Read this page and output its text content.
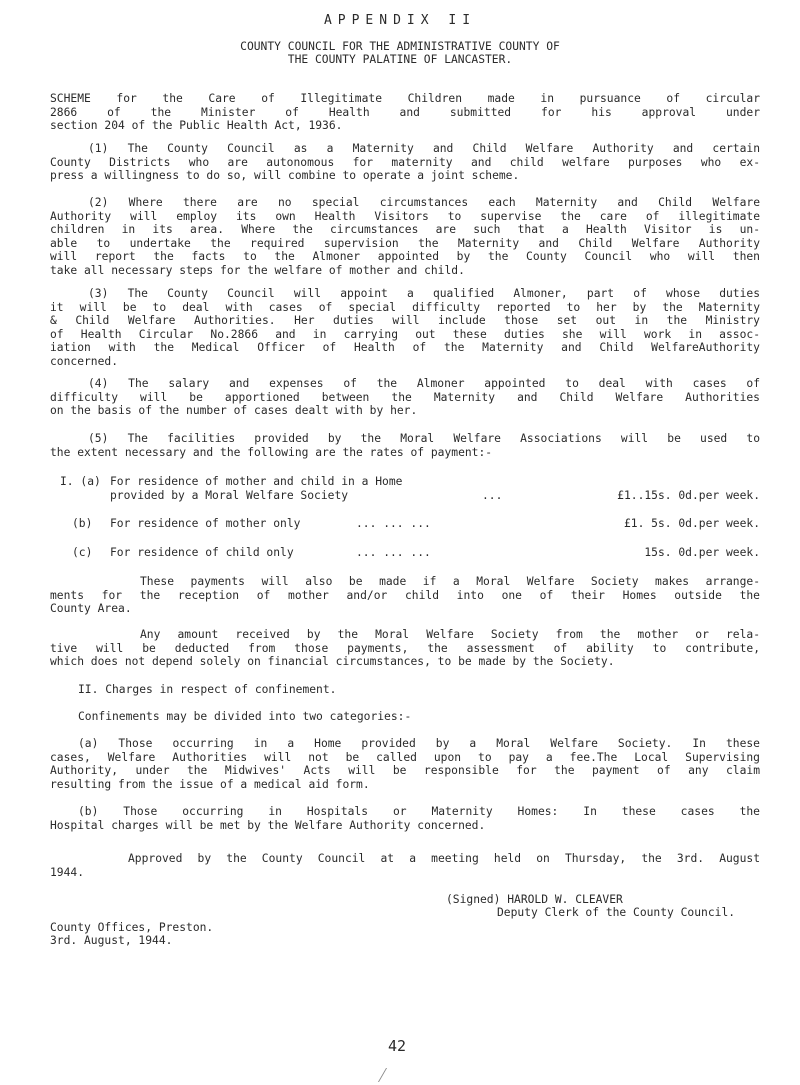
APPENDIX II
COUNTY COUNCIL FOR THE ADMINISTRATIVE COUNTY OF
THE COUNTY PALATINE OF LANCASTER.

SCHEME for the Care of Illegitimate Children made in pursuance of circular

2866 of the Minister of Health and submitted for his approval under

section 204 of the Public Health Act, 1936.

(1) The County Council as a Maternity and Child Welfare Authority and certain

County Districts who are autonomous for maternity and child welfare purposes who ex-

press a willingness to do so, will combine to operate a joint scheme.

(2) Where there are no special circumstances each Maternity and Child Welfare

Authority will employ its own Health Visitors to supervise the care of illegitimate

children in its area. Where the circumstances are such that a Health Visitor is un-

able to undertake the required supervision the Maternity and Child Welfare Authority

will report the facts to the Almoner appointed by the County Council who will then

take all necessary steps for the welfare of mother and child.

(3) The County Council will appoint a qualified Almoner, part of whose duties

it will be to deal with cases of special difficulty reported to her by the Maternity

& Child Welfare Authorities. Her duties will include those set out in the Ministry

of Health Circular No.2866 and in carrying out these duties she will work in assoc-

iation with the Medical Officer of Health of the Maternity and Child WelfareAuthority

concerned.

(4) The salary and expenses of the Almoner appointed to deal with cases of

difficulty will be apportioned between the Maternity and Child Welfare Authorities

on the basis of the number of cases dealt with by her.

(5) The facilities provided by the Moral Welfare Associations will be used to

the extent necessary and the following are the rates of payment:-

I. (a) For residence of mother and child in a Home
provided by a Moral Welfare Society	...	£1..15s. 0d.per week.
(b) For residence of mother only	... ... ...	£1. 5s. 0d.per week.
(c) For residence of child only	... ... ...	15s. 0d.per week.

These payments will also be made if a Moral Welfare Society makes arrange-

ments for the reception of mother and/or child into one of their Homes outside the

County Area.

Any amount received by the Moral Welfare Society from the mother or rela-

tive will be deducted from those payments, the assessment of ability to contribute,

which does not depend solely on financial circumstances, to be made by the Society.

II. Charges in respect of confinement.
Confinements may be divided into two categories:-

(a) Those occurring in a Home provided by a Moral Welfare Society. In these

cases, Welfare Authorities will not be called upon to pay a fee.The Local Supervising

Authority, under the Midwives' Acts will be responsible for the payment of any claim

resulting from the issue of a medical aid form.

(b) Those occurring in Hospitals or Maternity Homes: In these cases the

Hospital charges will be met by the Welfare Authority concerned.

Approved by the County Council at a meeting held on Thursday, the 3rd. August

1944.

(Signed) HAROLD W. CLEAVER
Deputy Clerk of the County Council.
County Offices, Preston.
3rd. August, 1944.
42
